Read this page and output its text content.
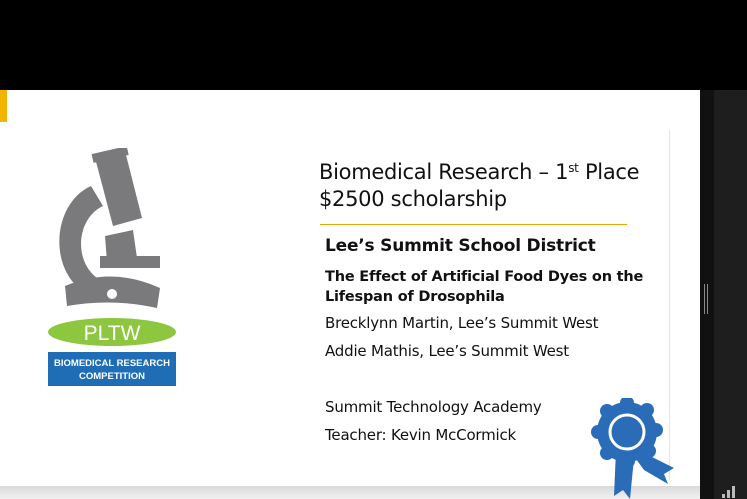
PLTW
BIOMEDICAL RESEARCH
COMPETITION
Biomedical Research – 1st Place
$2500 scholarship
Lee’s Summit School District
The Effect of Artificial Food Dyes on the
Lifespan of Drosophila
Brecklynn Martin, Lee’s Summit West
Addie Mathis, Lee’s Summit West
Summit Technology Academy
Teacher: Kevin McCormick
